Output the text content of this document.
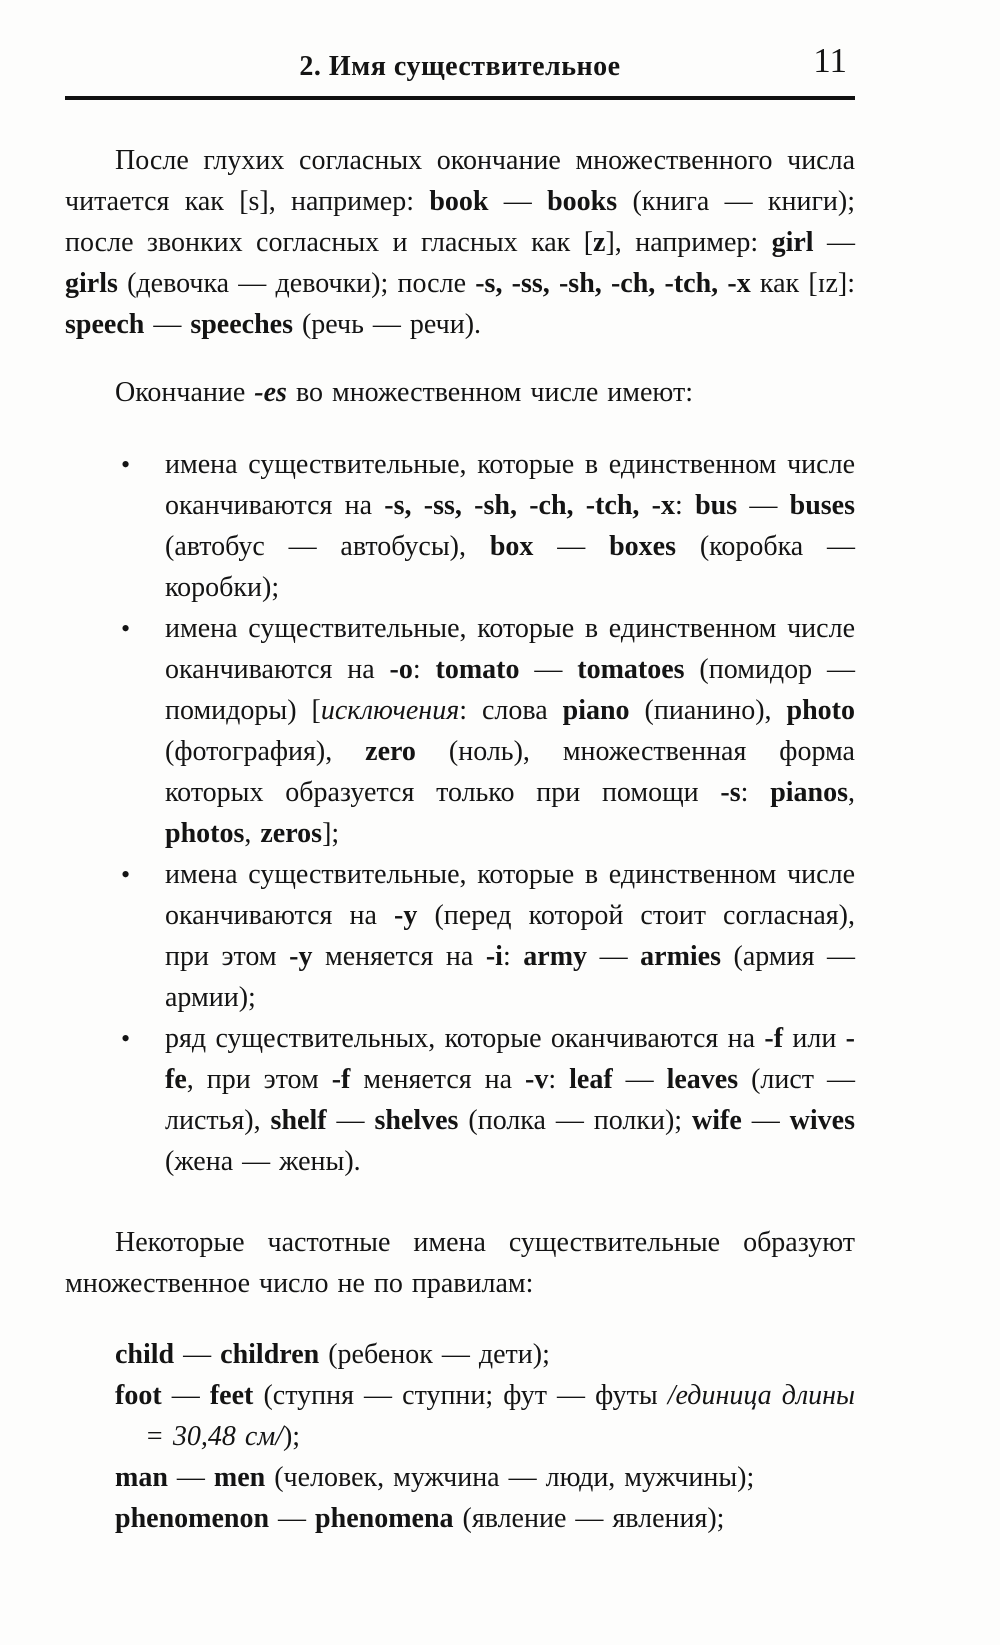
2. Имя существительное	11

После глухих согласных окончание множественного числа читается как [s], например: book — books (книга — книги); после звонких согласных и гласных как [z], например: girl — girls (девочка — девочки); после -s, -ss, -sh, -ch, -tch, -x как [ɪz]: speech — speeches (речь — речи).

Окончание -es во множественном числе имеют:

• имена существительные, которые в единственном числе оканчиваются на -s, -ss, -sh, -ch, -tch, -x: bus — buses (автобус — автобусы), box — boxes (коробка — коробки);
• имена существительные, которые в единственном числе оканчиваются на -o: tomato — tomatoes (помидор — помидоры) [исключения: слова piano (пианино), photo (фотография), zero (ноль), множественная форма которых образуется только при помощи -s: pianos, photos, zeros];
• имена существительные, которые в единственном числе оканчиваются на -y (перед которой стоит согласная), при этом -y меняется на -i: army — armies (армия — армии);
• ряд существительных, которые оканчиваются на -f или -fe, при этом -f меняется на -v: leaf — leaves (лист — листья), shelf — shelves (полка — полки); wife — wives (жена — жены).

Некоторые частотные имена существительные образуют множественное число не по правилам:

child — children (ребенок — дети);

foot — feet (ступня — ступни; фут — футы /единица длины = 30,48 см/);

man — men (человек, мужчина — люди, мужчины);

phenomenon — phenomena (явление — явления);
